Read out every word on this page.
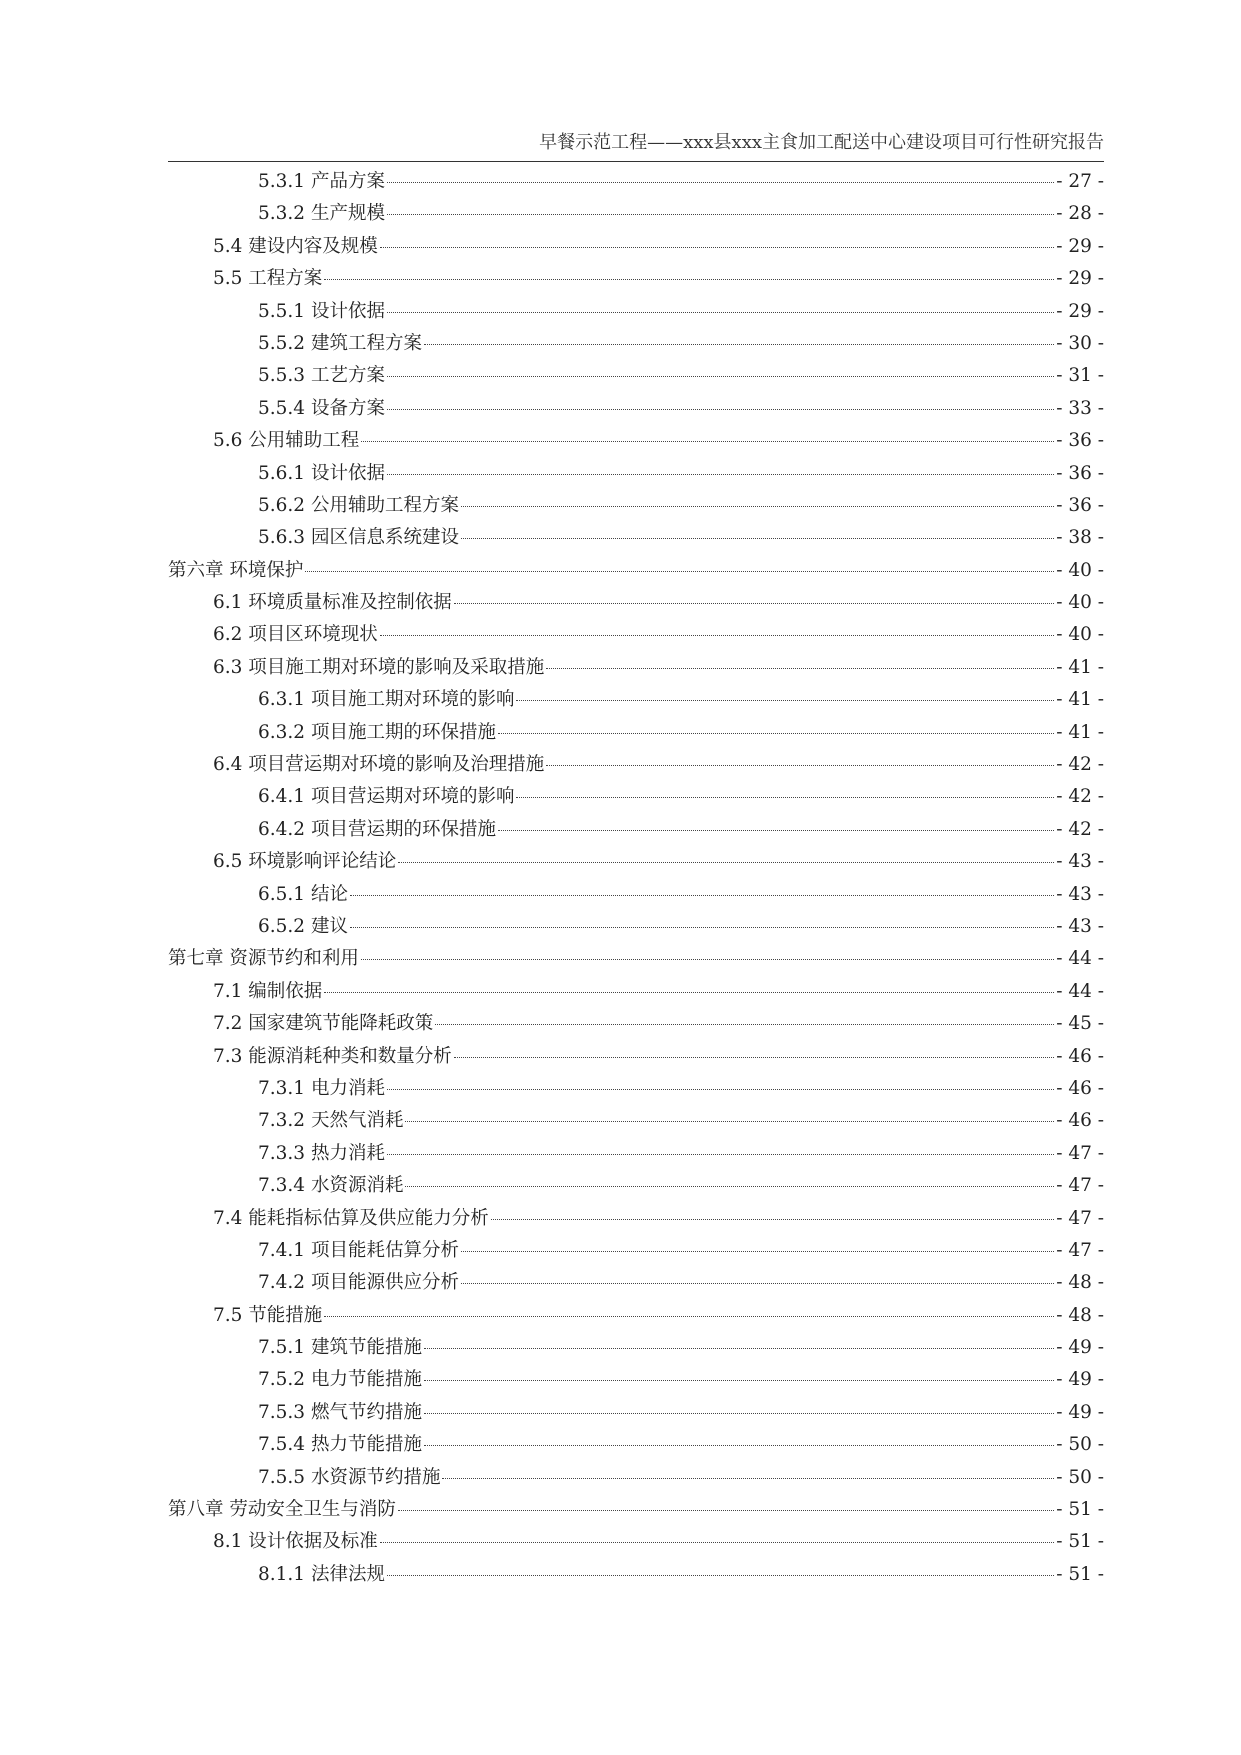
早餐示范工程——xxx县xxx主食加工配送中心建设项目可行性研究报告
5.3.1 产品方案	- 27 -
5.3.2 生产规模	- 28 -
5.4 建设内容及规模	- 29 -
5.5 工程方案	- 29 -
5.5.1 设计依据	- 29 -
5.5.2 建筑工程方案	- 30 -
5.5.3 工艺方案	- 31 -
5.5.4 设备方案	- 33 -
5.6 公用辅助工程	- 36 -
5.6.1 设计依据	- 36 -
5.6.2 公用辅助工程方案	- 36 -
5.6.3 园区信息系统建设	- 38 -
第六章 环境保护	- 40 -
6.1 环境质量标准及控制依据	- 40 -
6.2 项目区环境现状	- 40 -
6.3 项目施工期对环境的影响及采取措施	- 41 -
6.3.1 项目施工期对环境的影响	- 41 -
6.3.2 项目施工期的环保措施	- 41 -
6.4 项目营运期对环境的影响及治理措施	- 42 -
6.4.1 项目营运期对环境的影响	- 42 -
6.4.2 项目营运期的环保措施	- 42 -
6.5 环境影响评论结论	- 43 -
6.5.1 结论	- 43 -
6.5.2 建议	- 43 -
第七章 资源节约和利用	- 44 -
7.1 编制依据	- 44 -
7.2 国家建筑节能降耗政策	- 45 -
7.3 能源消耗种类和数量分析	- 46 -
7.3.1 电力消耗	- 46 -
7.3.2 天然气消耗	- 46 -
7.3.3 热力消耗	- 47 -
7.3.4 水资源消耗	- 47 -
7.4 能耗指标估算及供应能力分析	- 47 -
7.4.1 项目能耗估算分析	- 47 -
7.4.2 项目能源供应分析	- 48 -
7.5 节能措施	- 48 -
7.5.1 建筑节能措施	- 49 -
7.5.2 电力节能措施	- 49 -
7.5.3 燃气节约措施	- 49 -
7.5.4 热力节能措施	- 50 -
7.5.5 水资源节约措施	- 50 -
第八章 劳动安全卫生与消防	- 51 -
8.1 设计依据及标准	- 51 -
8.1.1 法律法规	- 51 -
